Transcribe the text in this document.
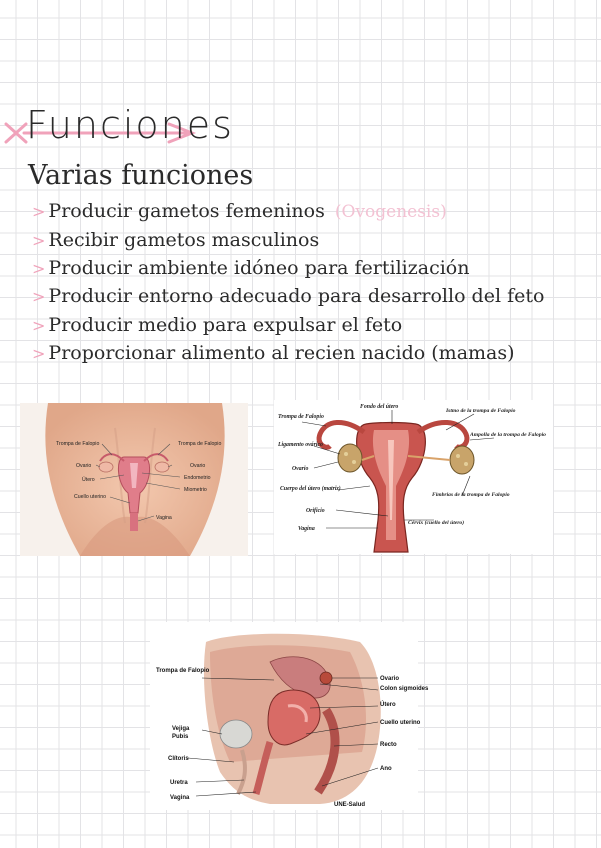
Funciones
Varias funciones
> Producir gametos femeninos (Ovogenesis)
> Recibir gametos masculinos
> Producir ambiente idóneo para fertilización
> Producir entorno adecuado para desarrollo del feto
> Producir medio para expulsar el feto
> Proporcionar alimento al recien nacido (mamas)
Trompa de Falopio
Ovario
Útero
Cuello uterino
Trompa de Falopio
Ovario
Endometrio
Miometrio
Vagina
Fondo del útero
Trompa de Falopio
Ligamento ovárico
Ovario
Cuerpo del útero (matriz)
Orificio
Vagina
Istmo de la trompa de Falopio
Ampolla de la trompa de Falopio
Fimbrias de la trompa de Falopio
Cérvix (cuello del útero)
Trompa de Falopio
Vejiga
Pubis
Clítoris
Uretra
Vagina
Ovario
Colon sigmoides
Útero
Cuello uterino
Recto
Ano
UNE-Salud
